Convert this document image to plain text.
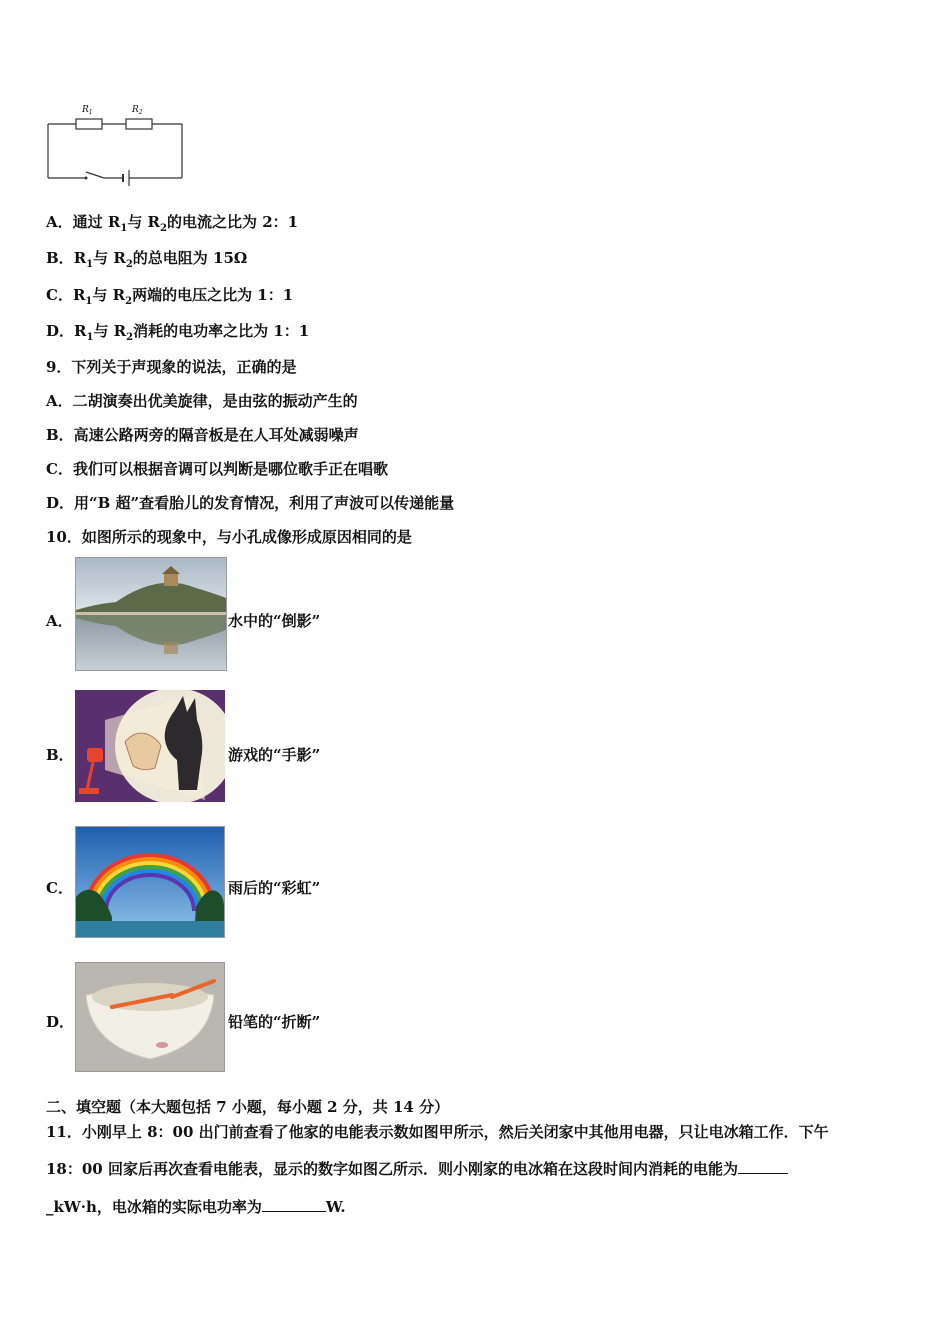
$R_1$	$R_2$
A．通过 $R_1$与 $R_2$的电流之比为 2：1
B．$R_1$与 $R_2$的总电阻为 15Ω
C．$R_1$与 $R_2$两端的电压之比为 1：1
D．$R_1$与 $R_2$消耗的电功率之比为 1：1
9．下列关于声现象的说法，正确的是
A．二胡演奏出优美旋律，是由弦的振动产生的
B．高速公路两旁的隔音板是在人耳处减弱噪声
C．我们可以根据音调可以判断是哪位歌手正在唱歌
D．用“B 超”查看胎儿的发育情况，利用了声波可以传递能量
10．如图所示的现象中，与小孔成像形成原因相同的是
A．	水中的“倒影”
B．	游戏的“手影”
C．	雨后的“彩虹”
D．	铅笔的“折断”
二、填空题（本大题包括 7 小题，每小题 2 分，共 14 分）
11．小刚早上 8：00 出门前查看了他家的电能表示数如图甲所示，然后关闭家中其他用电器，只让电冰箱工作．下午
18：00 回家后再次查看电能表，显示的数字如图乙所示．则小刚家的电冰箱在这段时间内消耗的电能为
_kW·h，电冰箱的实际电功率为	W.
